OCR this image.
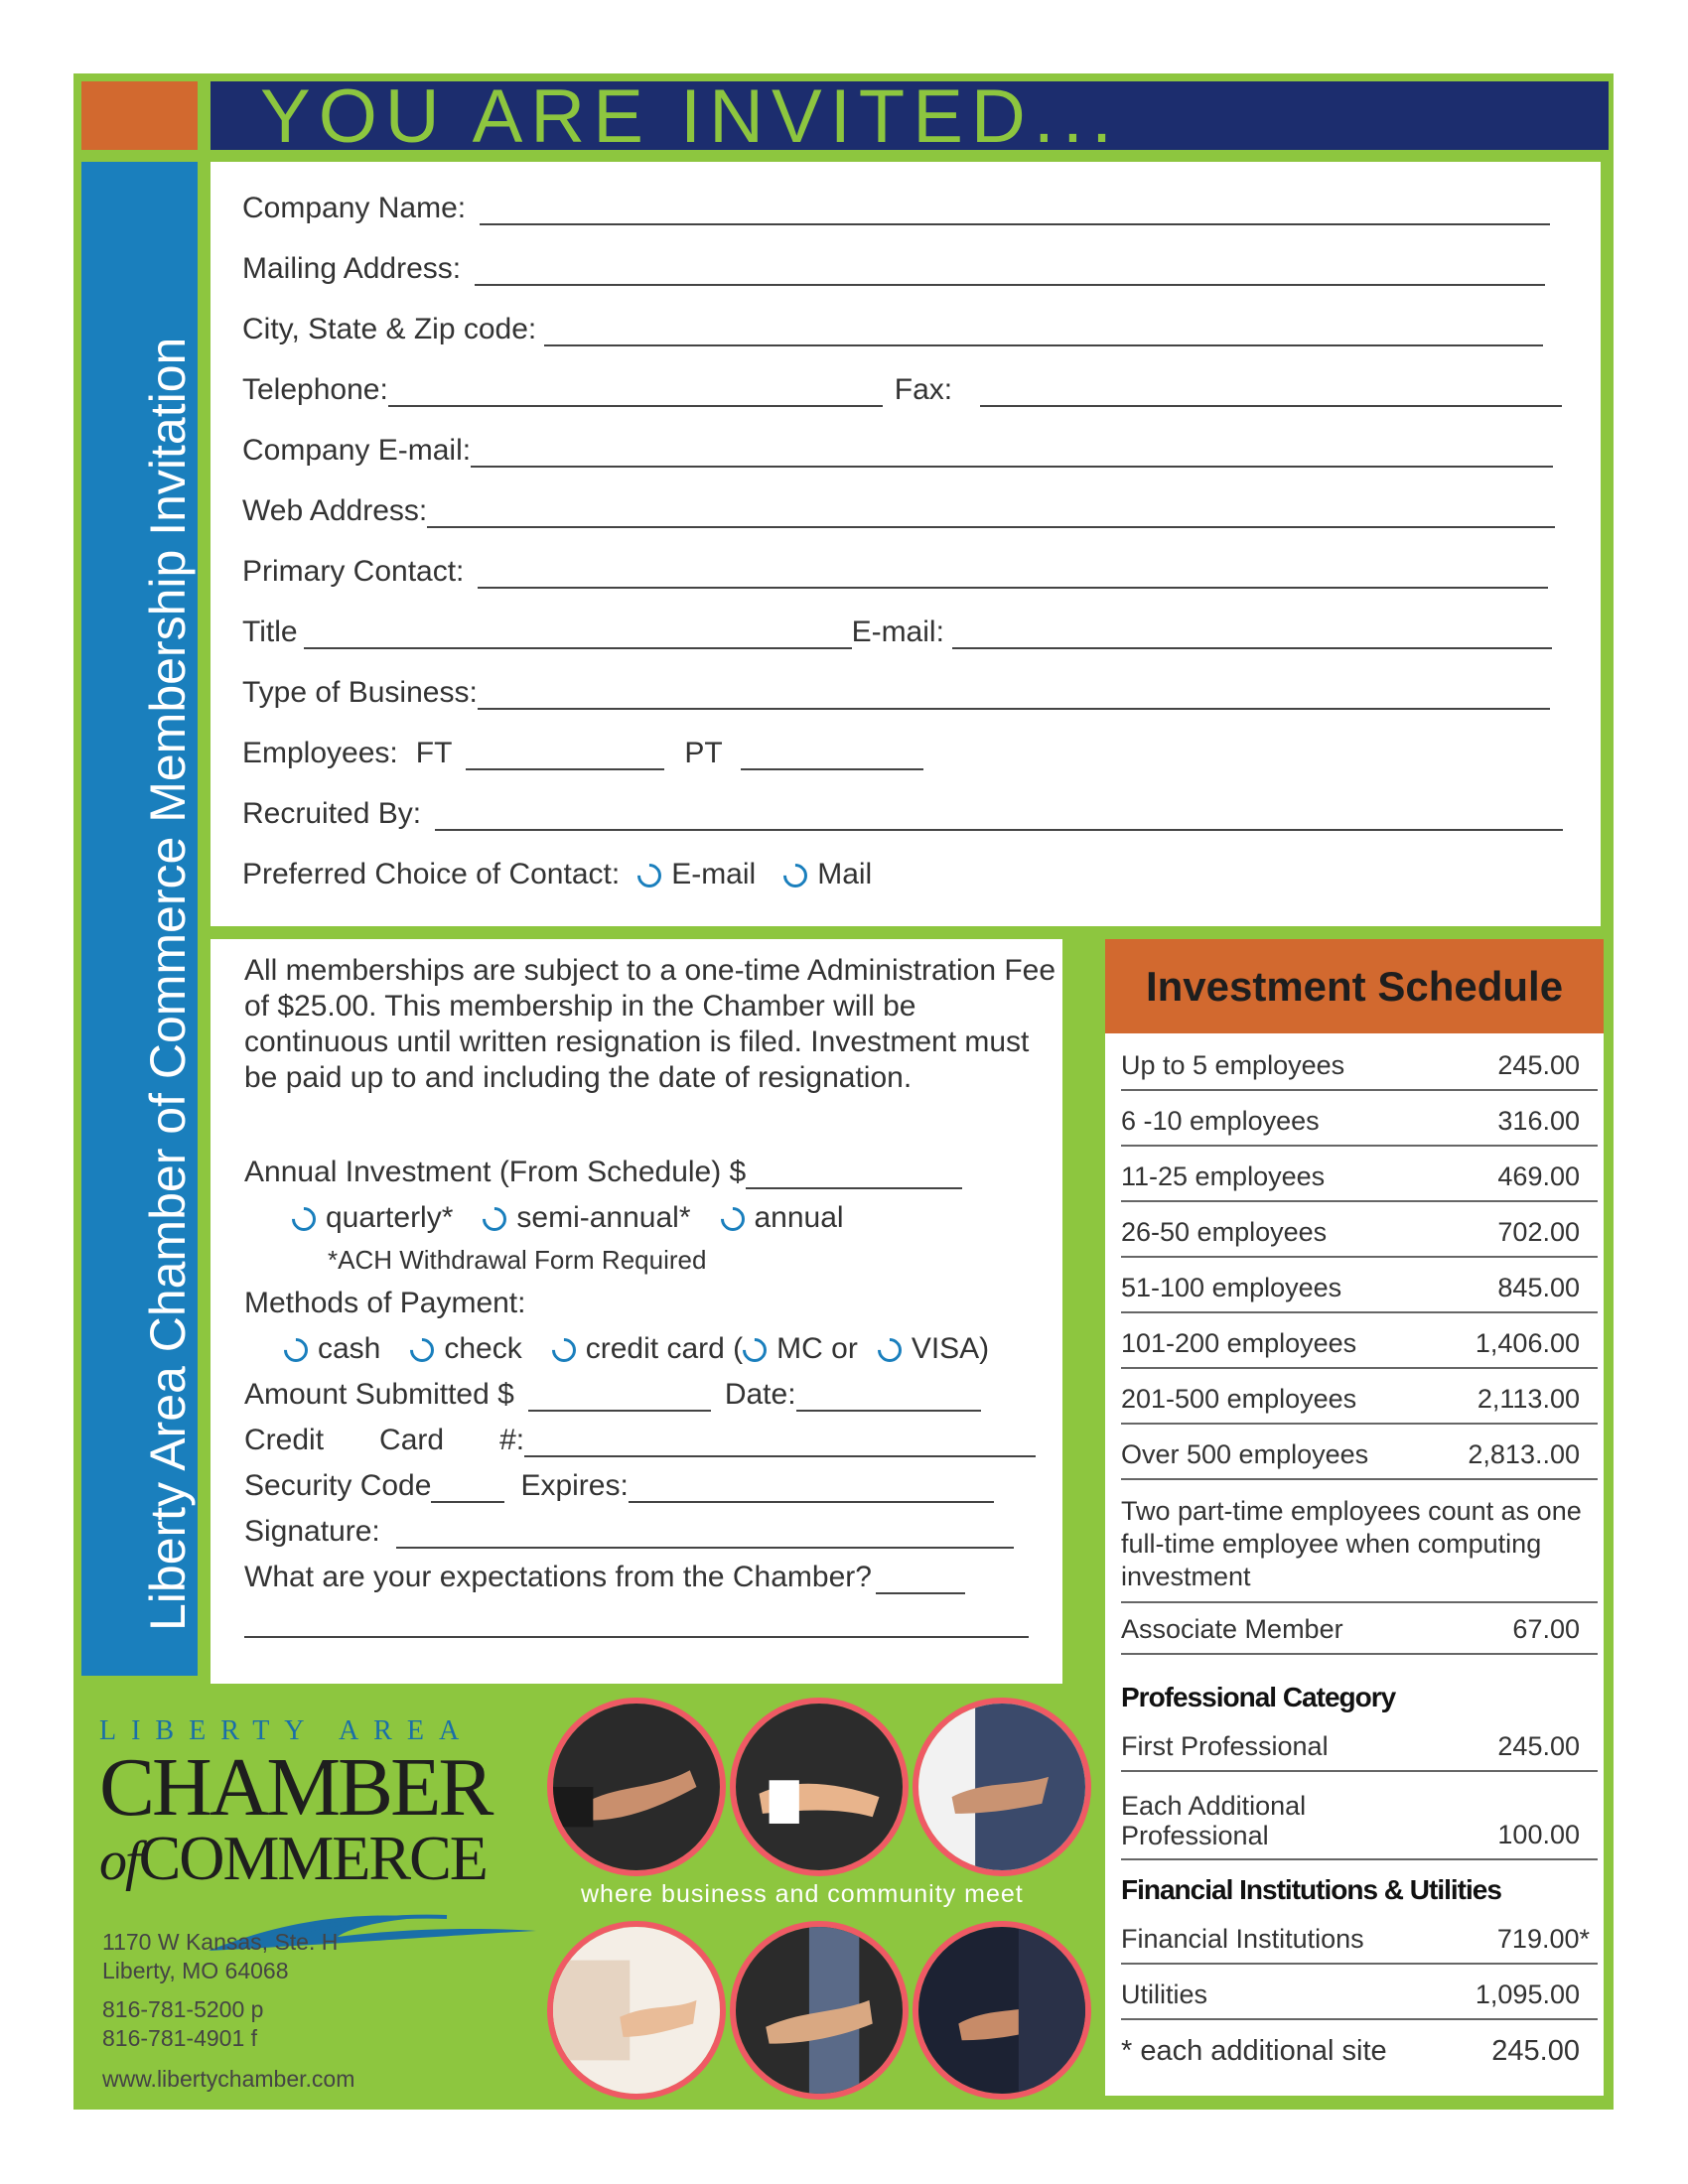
YOU ARE INVITED...
Liberty Area Chamber of Commerce Membership Invitation
Company Name:
Mailing Address:
City, State & Zip code:
Telephone:	Fax:
Company E-mail:
Web Address:
Primary Contact:
Title	E-mail:
Type of Business:
Employees: FT	PT
Recruited By:
Preferred Choice of Contact: E-mail Mail
All memberships are subject to a one-time Administration Fee of $25.00. This membership in the Chamber will be continuous until written resignation is filed. Investment must be paid up to and including the date of resignation.
Annual Investment (From Schedule) $
quarterly* semi-annual* annual
*ACH Withdrawal Form Required
Methods of Payment:
cash check credit card ( MC or VISA)
Amount Submitted $	Date:
Credit Card #:
Security Code	Expires:
Signature:
What are your expectations from the Chamber?
Investment Schedule
Up to 5 employees	245.00
6 -10 employees	316.00
11-25 employees	469.00
26-50 employees	702.00
51-100 employees	845.00
101-200 employees	1,406.00
201-500 employees	2,113.00
Over 500 employees	2,813..00
Two part-time employees count as one full-time employee when computing investment
Associate Member	67.00
Professional Category
First Professional	245.00
Each Additional Professional	100.00
Financial Institutions & Utilities
Financial Institutions	719.00*
Utilities	1,095.00
* each additional site	245.00
LIBERTY AREA
CHAMBER
ofCOMMERCE
1170 W Kansas, Ste. H
Liberty, MO 64068
816-781-5200 p
816-781-4901 f
www.libertychamber.com
where business and community meet
